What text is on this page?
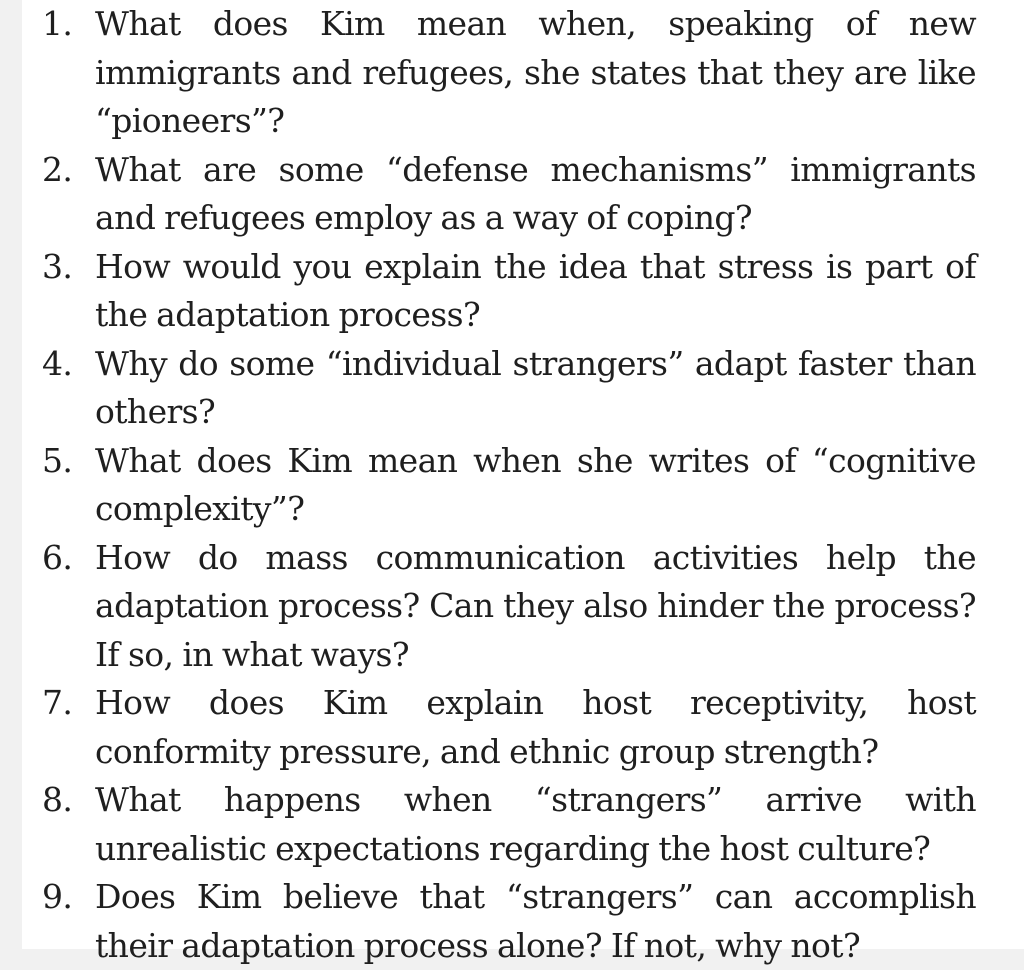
1. What does Kim mean when, speaking of new immigrants and refugees, she states that they are like “pioneers”?
2. What are some “defense mechanisms” immigrants and refugees employ as a way of coping?
3. How would you explain the idea that stress is part of the adaptation process?
4. Why do some “individual strangers” adapt faster than others?
5. What does Kim mean when she writes of “cognitive complexity”?
6. How do mass communication activities help the adaptation process? Can they also hinder the process? If so, in what ways?
7. How does Kim explain host receptivity, host conformity pressure, and ethnic group strength?
8. What happens when “strangers” arrive with unrealistic expectations regarding the host culture?
9. Does Kim believe that “strangers” can accomplish their adaptation process alone? If not, why not?
